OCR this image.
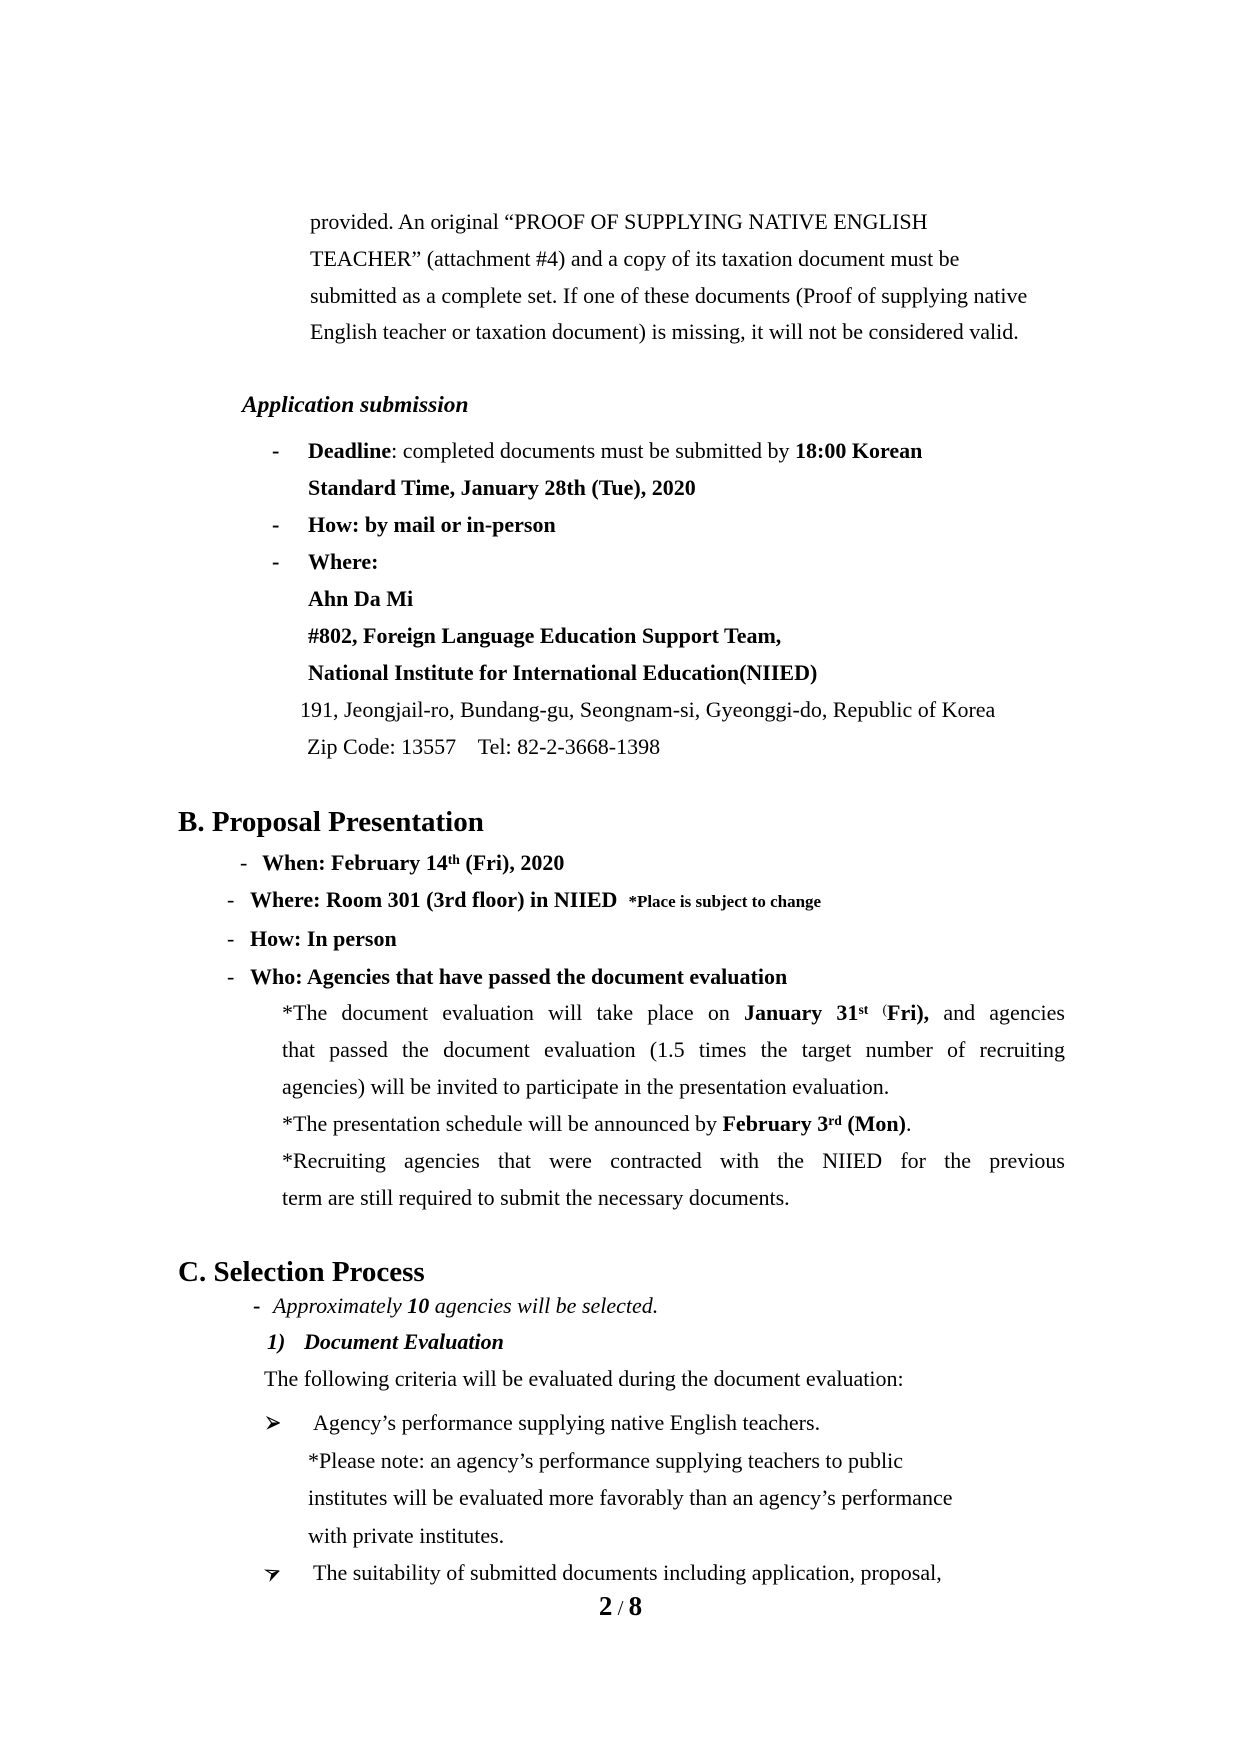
provided. An original “PROOF OF SUPPLYING NATIVE ENGLISH
TEACHER” (attachment #4) and a copy of its taxation document must be
submitted as a complete set. If one of these documents (Proof of supplying native
English teacher or taxation document) is missing, it will not be considered valid.
Application submission
-	Deadline: completed documents must be submitted by 18:00 Korean
Standard Time, January 28th (Tue), 2020
-	How: by mail or in-person
-	Where:
Ahn Da Mi
#802, Foreign Language Education Support Team,
National Institute for International Education(NIIED)
191, Jeongjail-ro, Bundang-gu, Seongnam-si, Gyeonggi-do, Republic of Korea
Zip Code: 13557    Tel: 82-2-3668-1398
B. Proposal Presentation
- When: February 14th (Fri), 2020
- Where: Room 301 (3rd floor) in NIIED *Place is subject to change
- How: In person
- Who: Agencies that have passed the document evaluation
*The document evaluation will take place on January 31st (Fri), and agencies
that passed the document evaluation (1.5 times the target number of recruiting
agencies) will be invited to participate in the presentation evaluation.
*The presentation schedule will be announced by February 3rd (Mon).
*Recruiting agencies that were contracted with the NIIED for the previous
term are still required to submit the necessary documents.
C. Selection Process
- Approximately 10 agencies will be selected.
1) Document Evaluation
The following criteria will be evaluated during the document evaluation:
Agency’s performance supplying native English teachers.
*Please note: an agency’s performance supplying teachers to public
institutes will be evaluated more favorably than an agency’s performance
with private institutes.
The suitability of submitted documents including application, proposal,
2 / 8
